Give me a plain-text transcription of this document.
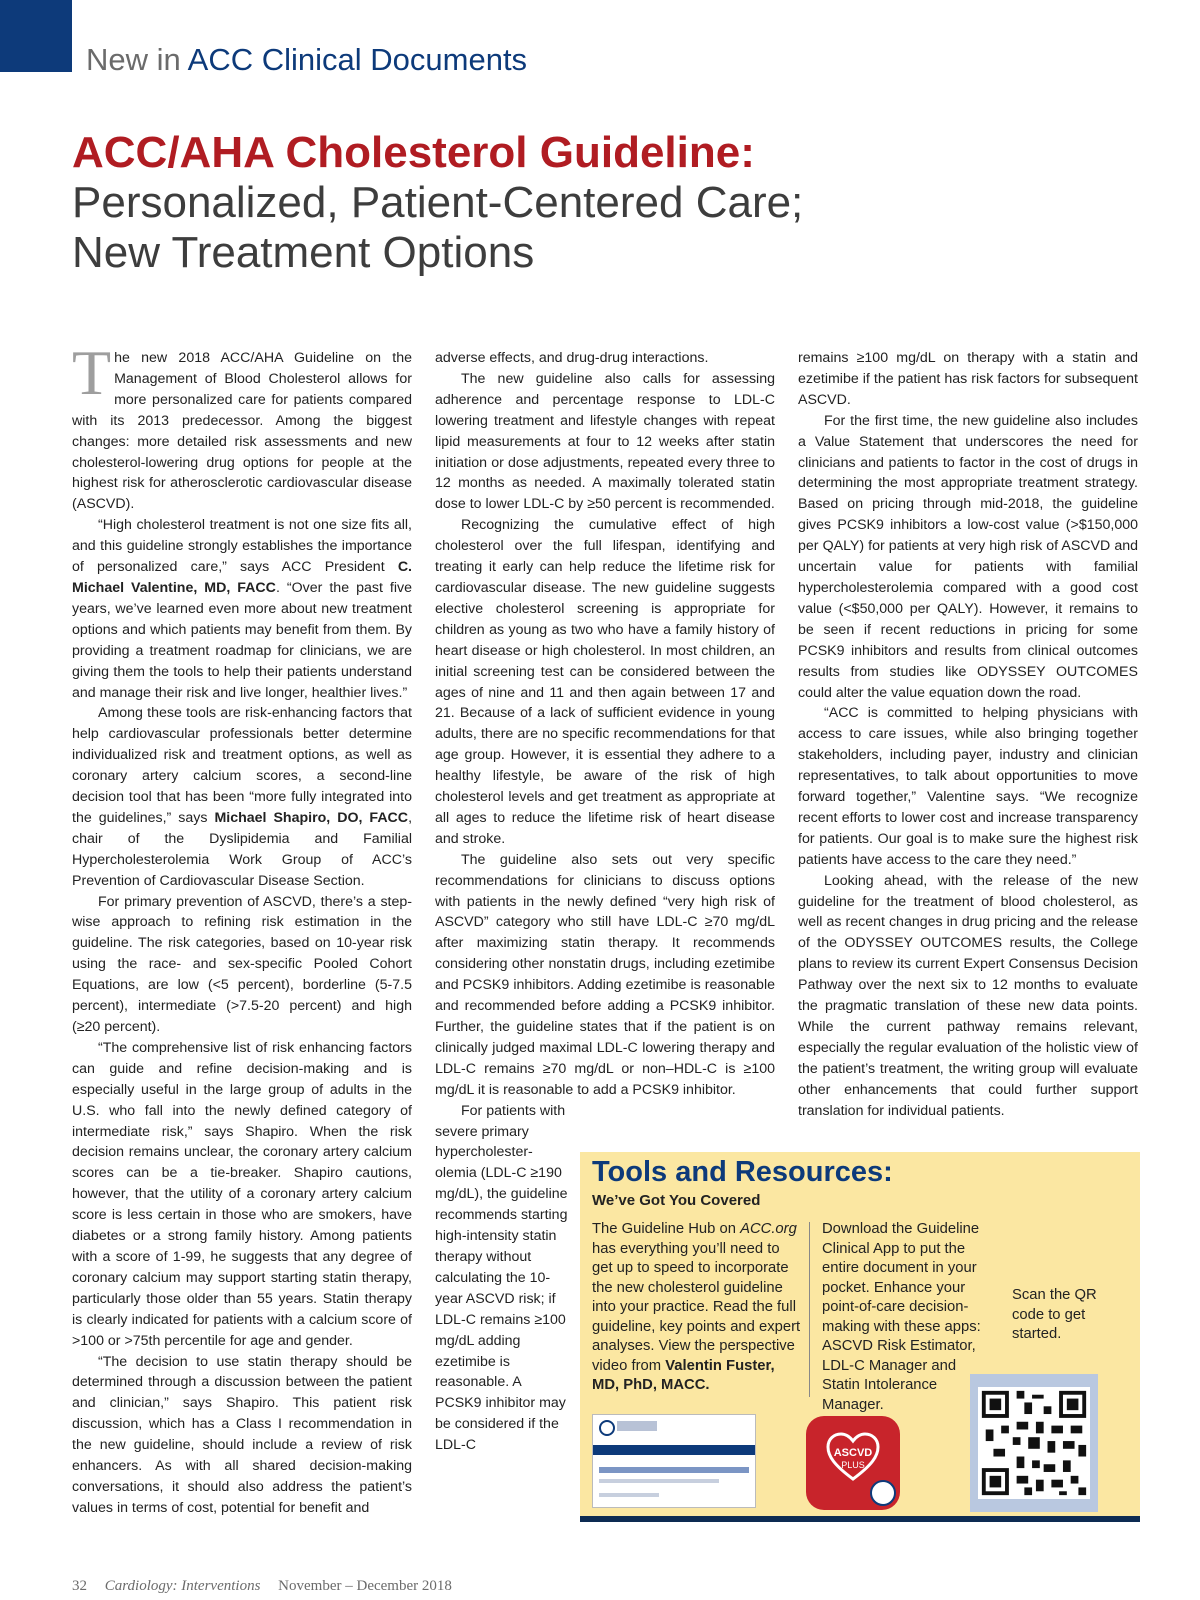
New in ACC Clinical Documents
ACC/AHA Cholesterol Guideline:
Personalized, Patient-Centered Care;
New Treatment Options

The new 2018 ACC/AHA Guideline on the Management of Blood Cholesterol allows for more personalized care for patients compared with its 2013 predecessor. Among the biggest changes: more detailed risk assessments and new cholesterol-lowering drug options for people at the highest risk for atherosclerotic cardiovascular disease (ASCVD).

“High cholesterol treatment is not one size fits all, and this guideline strongly establishes the importance of personalized care,” says ACC President C. Michael Valentine, MD, FACC. “Over the past five years, we’ve learned even more about new treatment options and which patients may benefit from them. By providing a treatment roadmap for clinicians, we are giving them the tools to help their patients understand and manage their risk and live longer, healthier lives.”

Among these tools are risk-enhancing factors that help cardiovascular professionals better determine individualized risk and treatment options, as well as coronary artery calcium scores, a second-line decision tool that has been “more fully integrated into the guidelines,” says Michael Shapiro, DO, FACC, chair of the Dyslipidemia and Familial Hypercholesterolemia Work Group of ACC’s Prevention of Cardiovascular Disease Section.

For primary prevention of ASCVD, there’s a step-wise approach to refining risk estimation in the guideline. The risk categories, based on 10-year risk using the race- and sex-specific Pooled Cohort Equations, are low (<5 percent), borderline (5-7.5 percent), intermediate (>7.5-20 percent) and high (≥20 percent).

“The comprehensive list of risk enhancing factors can guide and refine decision-making and is especially useful in the large group of adults in the U.S. who fall into the newly defined category of intermediate risk,” says Shapiro. When the risk decision remains unclear, the coronary artery calcium scores can be a tie-breaker. Shapiro cautions, however, that the utility of a coronary artery calcium score is less certain in those who are smokers, have diabetes or a strong family history. Among patients with a score of 1-99, he suggests that any degree of coronary calcium may support starting statin therapy, particularly those older than 55 years. Statin therapy is clearly indicated for patients with a calcium score of >100 or >75th percentile for age and gender.

“The decision to use statin therapy should be determined through a discussion between the patient and clinician,” says Shapiro. This patient risk discussion, which has a Class I recommendation in the new guideline, should include a review of risk enhancers. As with all shared decision-making conversations, it should also address the patient’s values in terms of cost, potential for benefit and

adverse effects, and drug-drug interactions.

The new guideline also calls for assessing adherence and percentage response to LDL-C lowering treatment and lifestyle changes with repeat lipid measurements at four to 12 weeks after statin initiation or dose adjustments, repeated every three to 12 months as needed. A maximally tolerated statin dose to lower LDL-C by ≥50 percent is recommended.

Recognizing the cumulative effect of high cholesterol over the full lifespan, identifying and treating it early can help reduce the lifetime risk for cardiovascular disease. The new guideline suggests elective cholesterol screening is appropriate for children as young as two who have a family history of heart disease or high cholesterol. In most children, an initial screening test can be considered between the ages of nine and 11 and then again between 17 and 21. Because of a lack of sufficient evidence in young adults, there are no specific recommendations for that age group. However, it is essential they adhere to a healthy lifestyle, be aware of the risk of high cholesterol levels and get treatment as appropriate at all ages to reduce the lifetime risk of heart disease and stroke.

The guideline also sets out very specific recommendations for clinicians to discuss options with patients in the newly defined “very high risk of ASCVD” category who still have LDL-C ≥70 mg/dL after maximizing statin therapy. It recommends considering other nonstatin drugs, including ezetimibe and PCSK9 inhibitors. Adding ezetimibe is reasonable and recommended before adding a PCSK9 inhibitor. Further, the guideline states that if the patient is on clinically judged maximal LDL-C lowering therapy and LDL-C remains ≥70 mg/dL or non–HDL-C is ≥100 mg/dL it is reasonable to add a PCSK9 inhibitor.

For patients with severe primary hypercholester-olemia (LDL-C ≥190 mg/dL), the guideline recommends starting high-intensity statin therapy without calculating the 10-year ASCVD risk; if LDL-C remains ≥100 mg/dL adding ezetimibe is reasonable. A PCSK9 inhibitor may be considered if the LDL-C

remains ≥100 mg/dL on therapy with a statin and ezetimibe if the patient has risk factors for subsequent ASCVD.

For the first time, the new guideline also includes a Value Statement that underscores the need for clinicians and patients to factor in the cost of drugs in determining the most appropriate treatment strategy. Based on pricing through mid-2018, the guideline gives PCSK9 inhibitors a low-cost value (>$150,000 per QALY) for patients at very high risk of ASCVD and uncertain value for patients with familial hypercholesterolemia compared with a good cost value (<$50,000 per QALY). However, it remains to be seen if recent reductions in pricing for some PCSK9 inhibitors and results from clinical outcomes results from studies like ODYSSEY OUTCOMES could alter the value equation down the road.

“ACC is committed to helping physicians with access to care issues, while also bringing together stakeholders, including payer, industry and clinician representatives, to talk about opportunities to move forward together,” Valentine says. “We recognize recent efforts to lower cost and increase transparency for patients. Our goal is to make sure the highest risk patients have access to the care they need.”

Looking ahead, with the release of the new guideline for the treatment of blood cholesterol, as well as recent changes in drug pricing and the release of the ODYSSEY OUTCOMES results, the College plans to review its current Expert Consensus Decision Pathway over the next six to 12 months to evaluate the pragmatic translation of these new data points. While the current pathway remains relevant, especially the regular evaluation of the holistic view of the patient’s treatment, the writing group will evaluate other enhancements that could further support translation for individual patients.

Tools and Resources:
We’ve Got You Covered
The Guideline Hub on ACC.org has everything you’ll need to get up to speed to incorporate the new cholesterol guideline into your practice. Read the full guideline, key points and expert analyses. View the perspective video from Valentin Fuster, MD, PhD, MACC.
Download the Guideline Clinical App to put the entire document in your pocket. Enhance your point-of-care decision-making with these apps: ASCVD Risk Estimator, LDL-C Manager and Statin Intolerance Manager.
Scan the QR code to get started.
ASCVD
PLUS
32 Cardiology: Interventions November – December 2018
